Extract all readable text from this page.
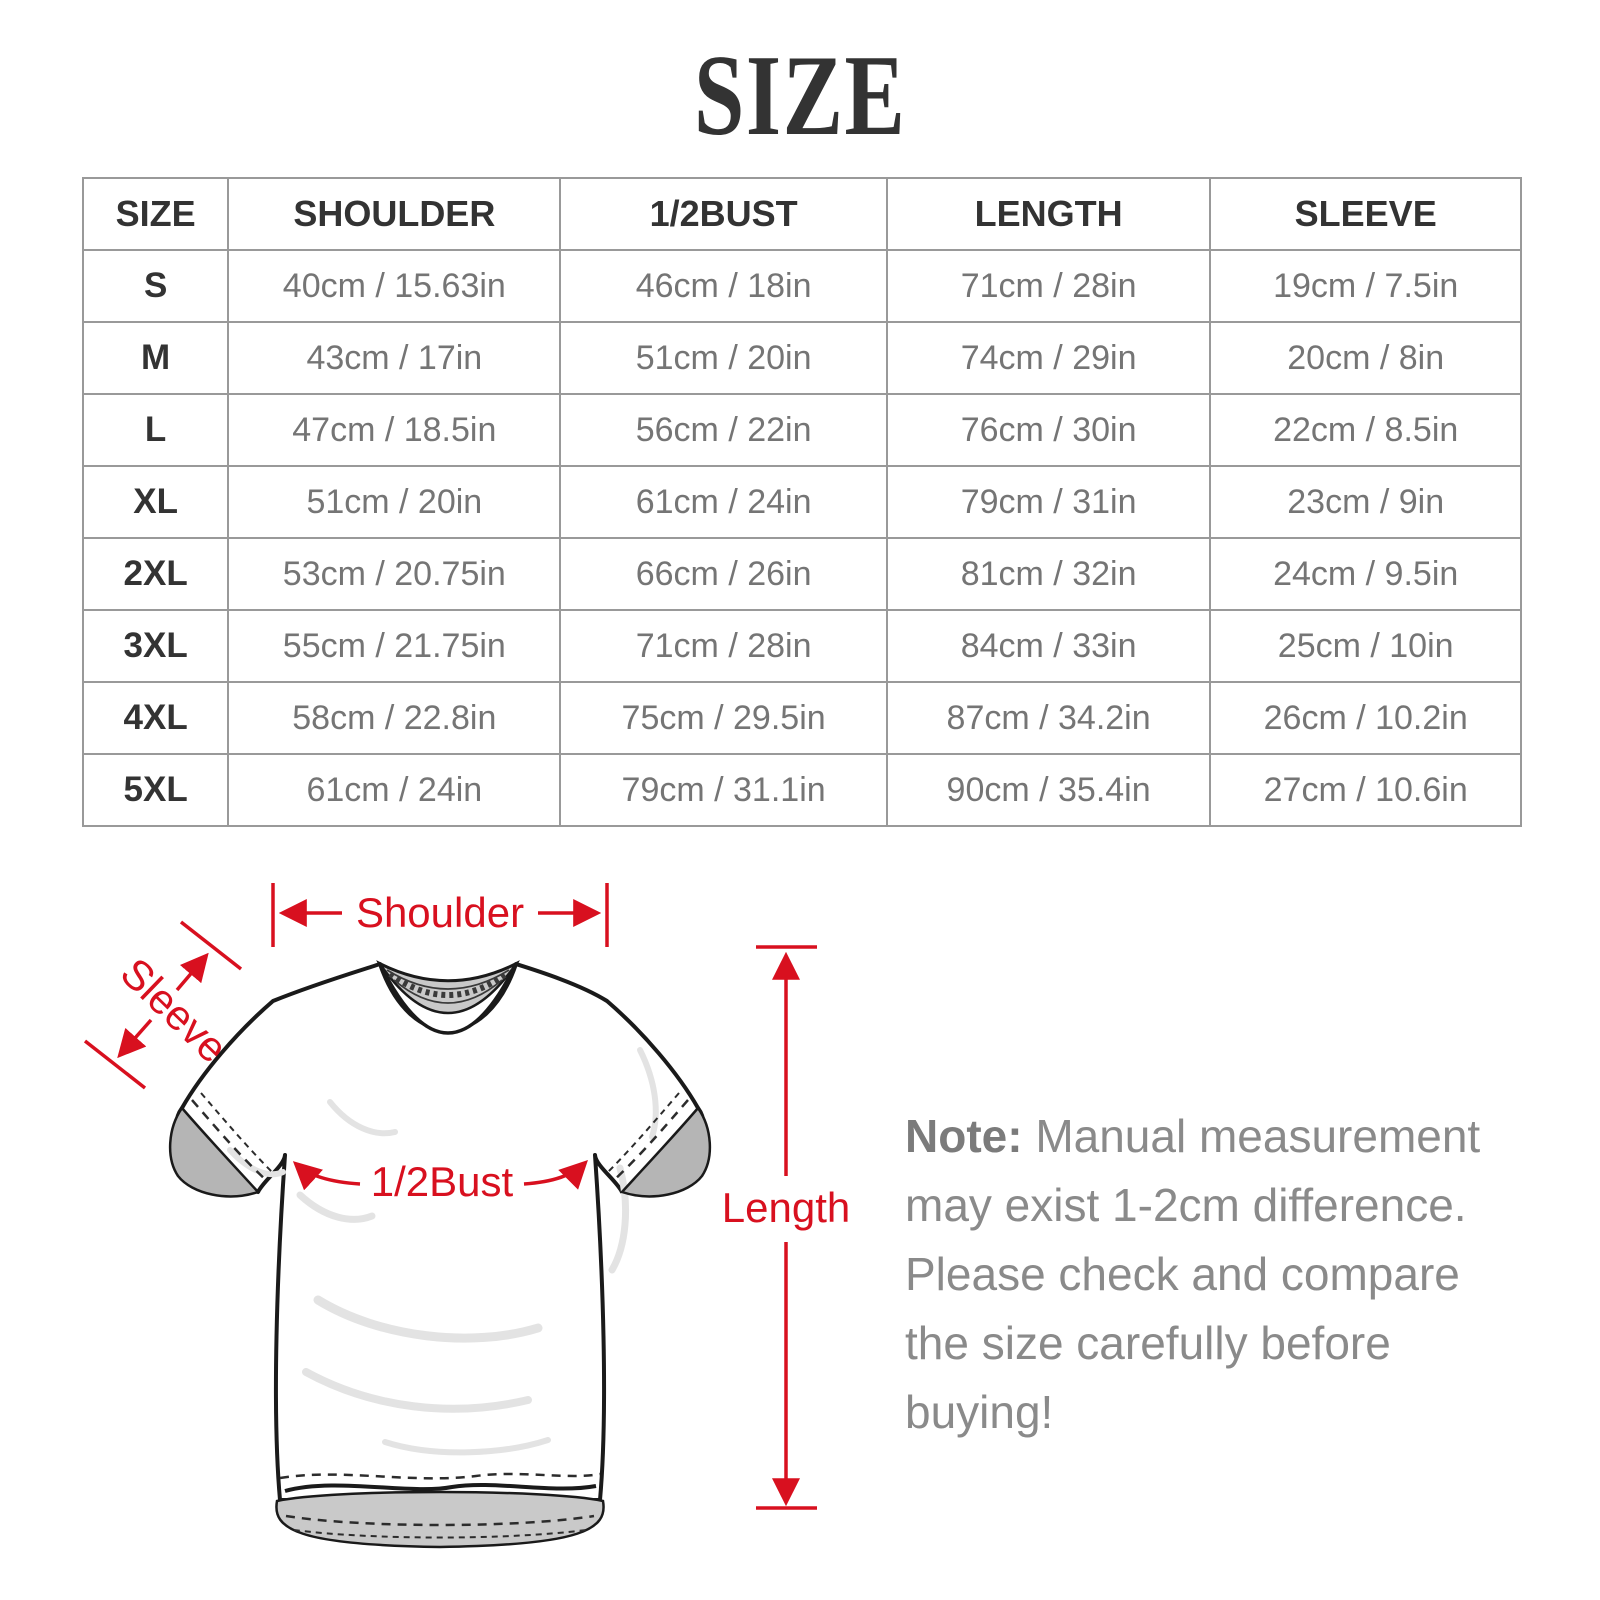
SIZE
SIZE	SHOULDER	1/2BUST	LENGTH	SLEEVE
S	40cm / 15.63in	46cm / 18in	71cm / 28in	19cm / 7.5in
M	43cm / 17in	51cm / 20in	74cm / 29in	20cm / 8in
L	47cm / 18.5in	56cm / 22in	76cm / 30in	22cm / 8.5in
XL	51cm / 20in	61cm / 24in	79cm / 31in	23cm / 9in
2XL	53cm / 20.75in	66cm / 26in	81cm / 32in	24cm / 9.5in
3XL	55cm / 21.75in	71cm / 28in	84cm / 33in	25cm / 10in
4XL	58cm / 22.8in	75cm / 29.5in	87cm / 34.2in	26cm / 10.2in
5XL	61cm / 24in	79cm / 31.1in	90cm / 35.4in	27cm / 10.6in
Shoulder
Sleeve
1/2Bust
Length

Note: Manual measurement may exist 1-2cm difference. Please check and compare the size carefully before buying!
